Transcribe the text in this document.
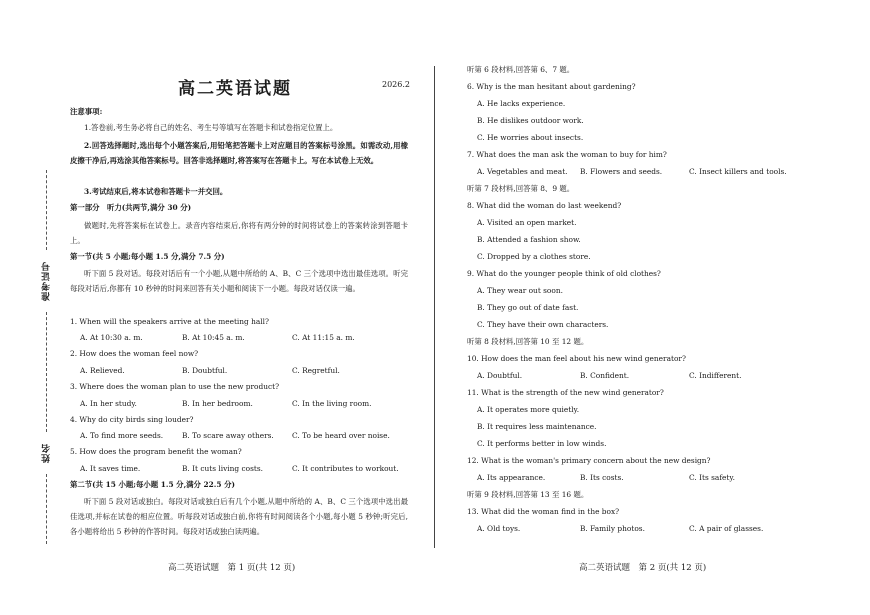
准考证号
姓名
高二英语试题	2026.2
注意事项:
1.答卷前,考生务必将自己的姓名、考生号等填写在答题卡和试卷指定位置上。
2.回答选择题时,选出每个小题答案后,用铅笔把答题卡上对应题目的答案标号涂黑。如需改动,用橡皮擦干净后,再选涂其他答案标号。回答非选择题时,将答案写在答题卡上。写在本试卷上无效。
3.考试结束后,将本试卷和答题卡一并交回。
第一部分　听力(共两节,满分 30 分)
做题时,先将答案标在试卷上。录音内容结束后,你将有两分钟的时间将试卷上的答案转涂到答题卡上。
第一节(共 5 小题;每小题 1.5 分,满分 7.5 分)
听下面 5 段对话。每段对话后有一个小题,从题中所给的 A、B、C 三个选项中选出最佳选项。听完每段对话后,你都有 10 秒钟的时间来回答有关小题和阅读下一小题。每段对话仅读一遍。
1. When will the speakers arrive at the meeting hall?
A. At 10:30 a. m.	B. At 10:45 a. m.	C. At 11:15 a. m.
2. How does the woman feel now?
A. Relieved.	B. Doubtful.	C. Regretful.
3. Where does the woman plan to use the new product?
A. In her study.	B. In her bedroom.	C. In the living room.
4. Why do city birds sing louder?
A. To find more seeds.	B. To scare away others. C. To be heard over noise.
5. How does the program benefit the woman?
A. It saves time.	B. It cuts living costs.	C. It contributes to workout.
第二节(共 15 小题;每小题 1.5 分,满分 22.5 分)
听下面 5 段对话或独白。每段对话或独白后有几个小题,从题中所给的 A、B、C 三个选项中选出最佳选项,并标在试卷的相应位置。听每段对话或独白前,你将有时间阅读各个小题,每小题 5 秒钟;听完后,各小题将给出 5 秒钟的作答时间。每段对话或独白读两遍。
听第 6 段材料,回答第 6、7 题。
6. Why is the man hesitant about gardening?
A. He lacks experience.
B. He dislikes outdoor work.
C. He worries about insects.
7. What does the man ask the woman to buy for him?
A. Vegetables and meat. B. Flowers and seeds.	C. Insect killers and tools.
听第 7 段材料,回答第 8、9 题。
8. What did the woman do last weekend?
A. Visited an open market.
B. Attended a fashion show.
C. Dropped by a clothes store.
9. What do the younger people think of old clothes?
A. They wear out soon.
B. They go out of date fast.
C. They have their own characters.
听第 8 段材料,回答第 10 至 12 题。
10. How does the man feel about his new wind generator?
A. Doubtful.	B. Confident.	C. Indifferent.
11. What is the strength of the new wind generator?
A. It operates more quietly.
B. It requires less maintenance.
C. It performs better in low winds.
12. What is the woman's primary concern about the new design?
A. Its appearance.	B. Its costs.	C. Its safety.
听第 9 段材料,回答第 13 至 16 题。
13. What did the woman find in the box?
A. Old toys.	B. Family photos.	C. A pair of glasses.
高二英语试题　第 1 页(共 12 页)	高二英语试题　第 2 页(共 12 页)
